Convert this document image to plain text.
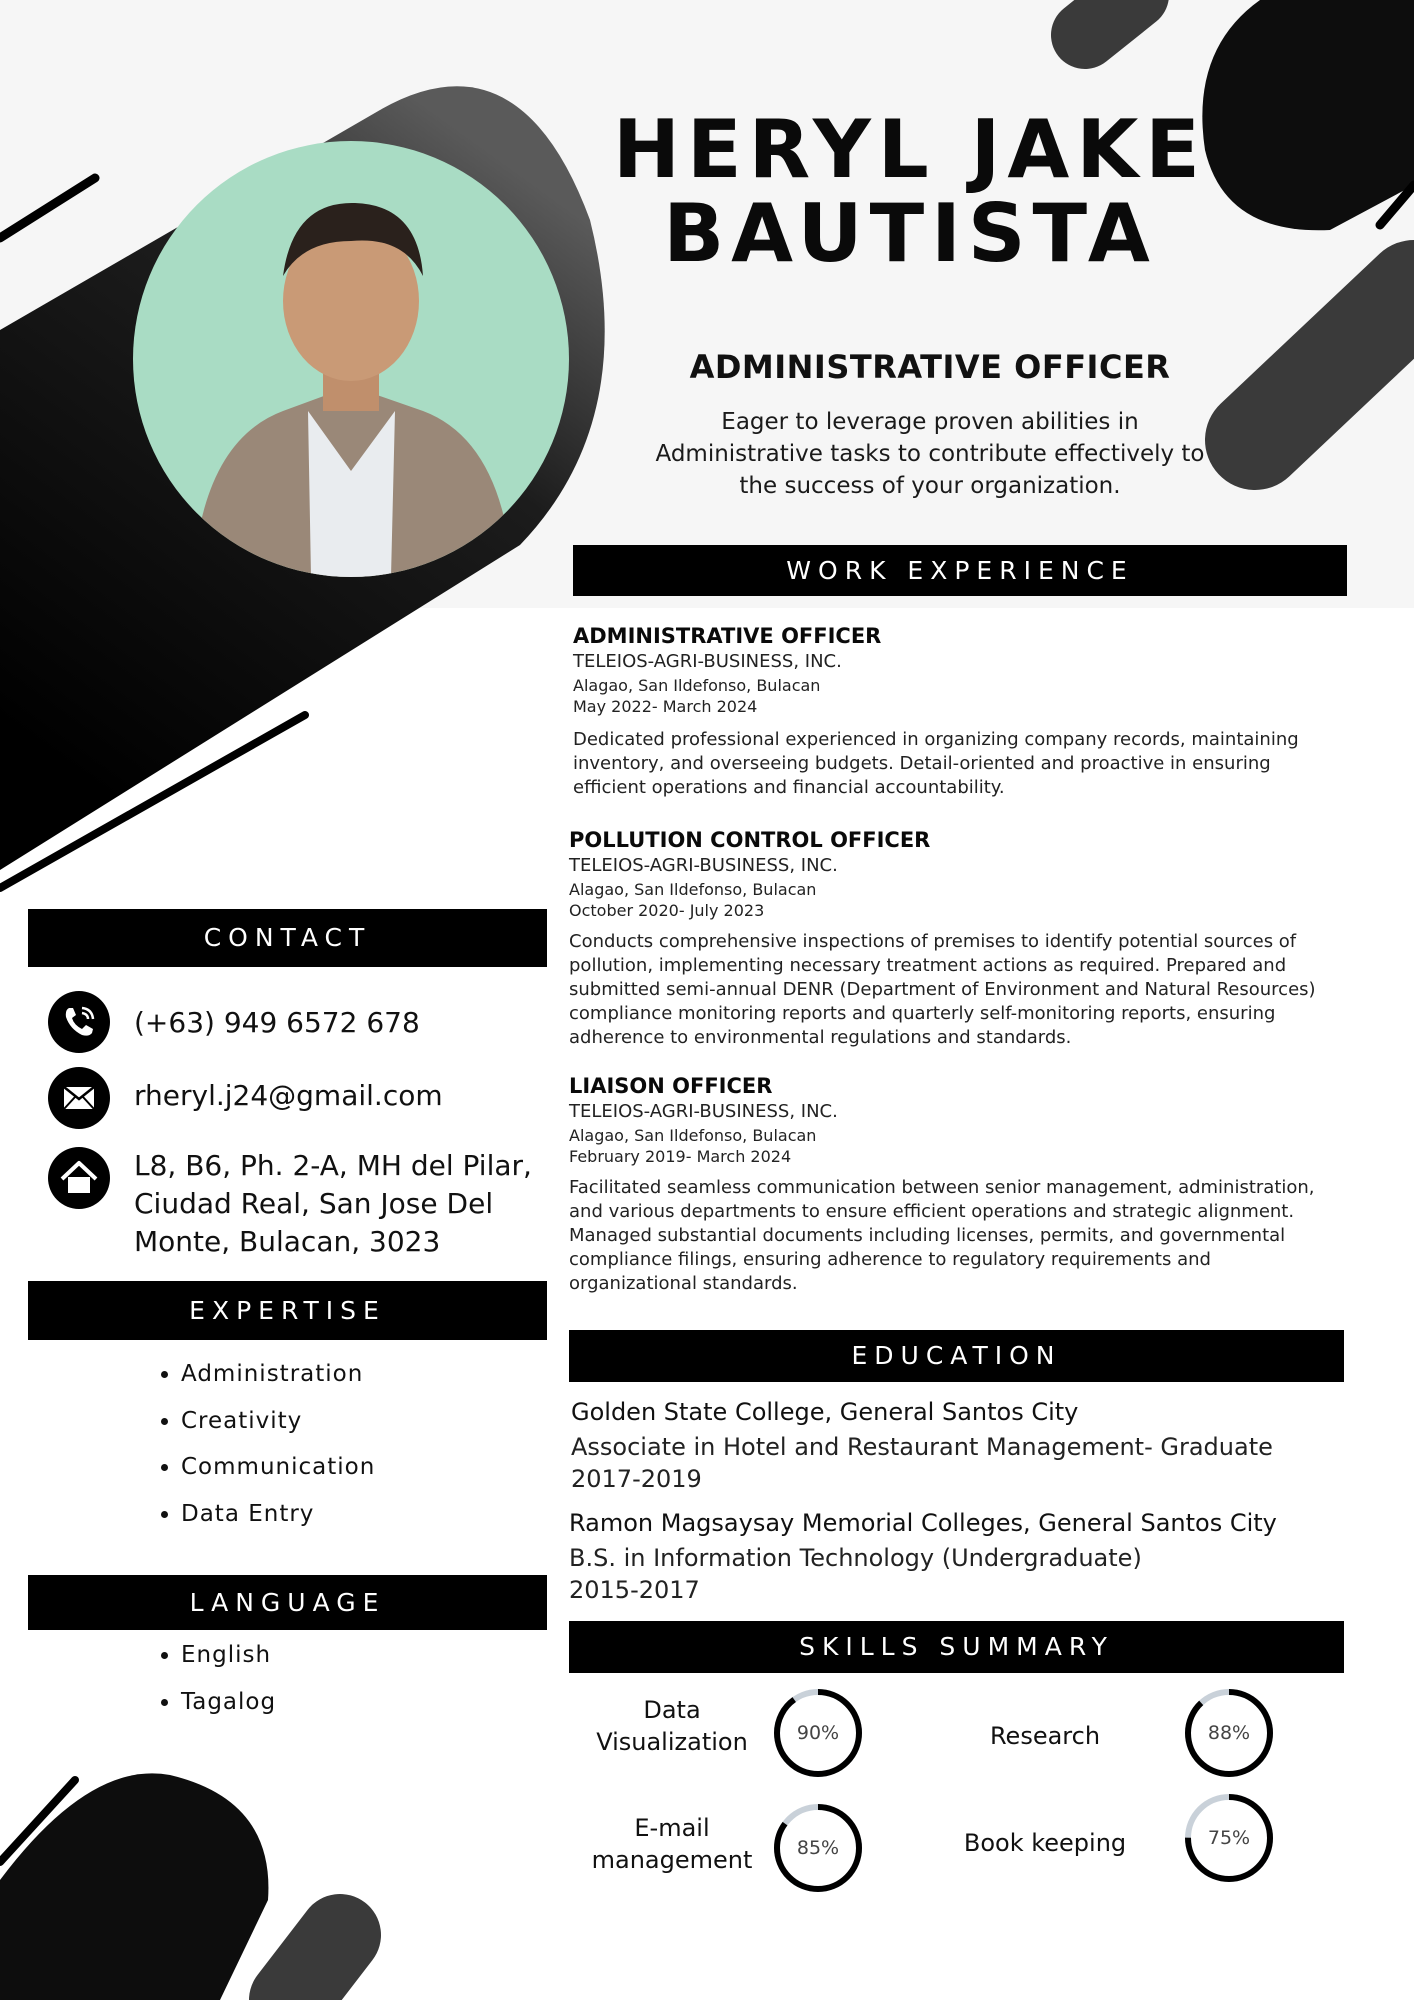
HERYL JAKE
BAUTISTA
ADMINISTRATIVE OFFICER
Eager to leverage proven abilities in Administrative tasks to contribute effectively to the success of your organization.
WORK EXPERIENCE
ADMINISTRATIVE OFFICER
TELEIOS-AGRI-BUSINESS, INC.
Alagao, San Ildefonso, Bulacan
May 2022- March 2024
Dedicated professional experienced in organizing company records, maintaining inventory, and overseeing budgets. Detail-oriented and proactive in ensuring efficient operations and financial accountability.
POLLUTION CONTROL OFFICER
TELEIOS-AGRI-BUSINESS, INC.
Alagao, San Ildefonso, Bulacan
October 2020- July 2023
Conducts comprehensive inspections of premises to identify potential sources of pollution, implementing necessary treatment actions as required. Prepared and submitted semi-annual DENR (Department of Environment and Natural Resources) compliance monitoring reports and quarterly self-monitoring reports, ensuring adherence to environmental regulations and standards.
LIAISON OFFICER
TELEIOS-AGRI-BUSINESS, INC.
Alagao, San Ildefonso, Bulacan
February 2019- March 2024
Facilitated seamless communication between senior management, administration, and various departments to ensure efficient operations and strategic alignment. Managed substantial documents including licenses, permits, and governmental compliance filings, ensuring adherence to regulatory requirements and organizational standards.
CONTACT
(+63) 949 6572 678
rheryl.j24@gmail.com
L8, B6, Ph. 2-A, MH del Pilar,
Ciudad Real, San Jose Del
Monte, Bulacan, 3023
EXPERTISE
• Administration
• Creativity
• Communication
• Data Entry
LANGUAGE
• English
• Tagalog
EDUCATION
Golden State College, General Santos City
Associate in Hotel and Restaurant Management- Graduate
2017-2019
Ramon Magsaysay Memorial Colleges, General Santos City
B.S. in Information Technology (Undergraduate)
2015-2017
SKILLS SUMMARY
Data
Visualization	90%	Research	88%
E-mail
management	85%	Book keeping	75%
